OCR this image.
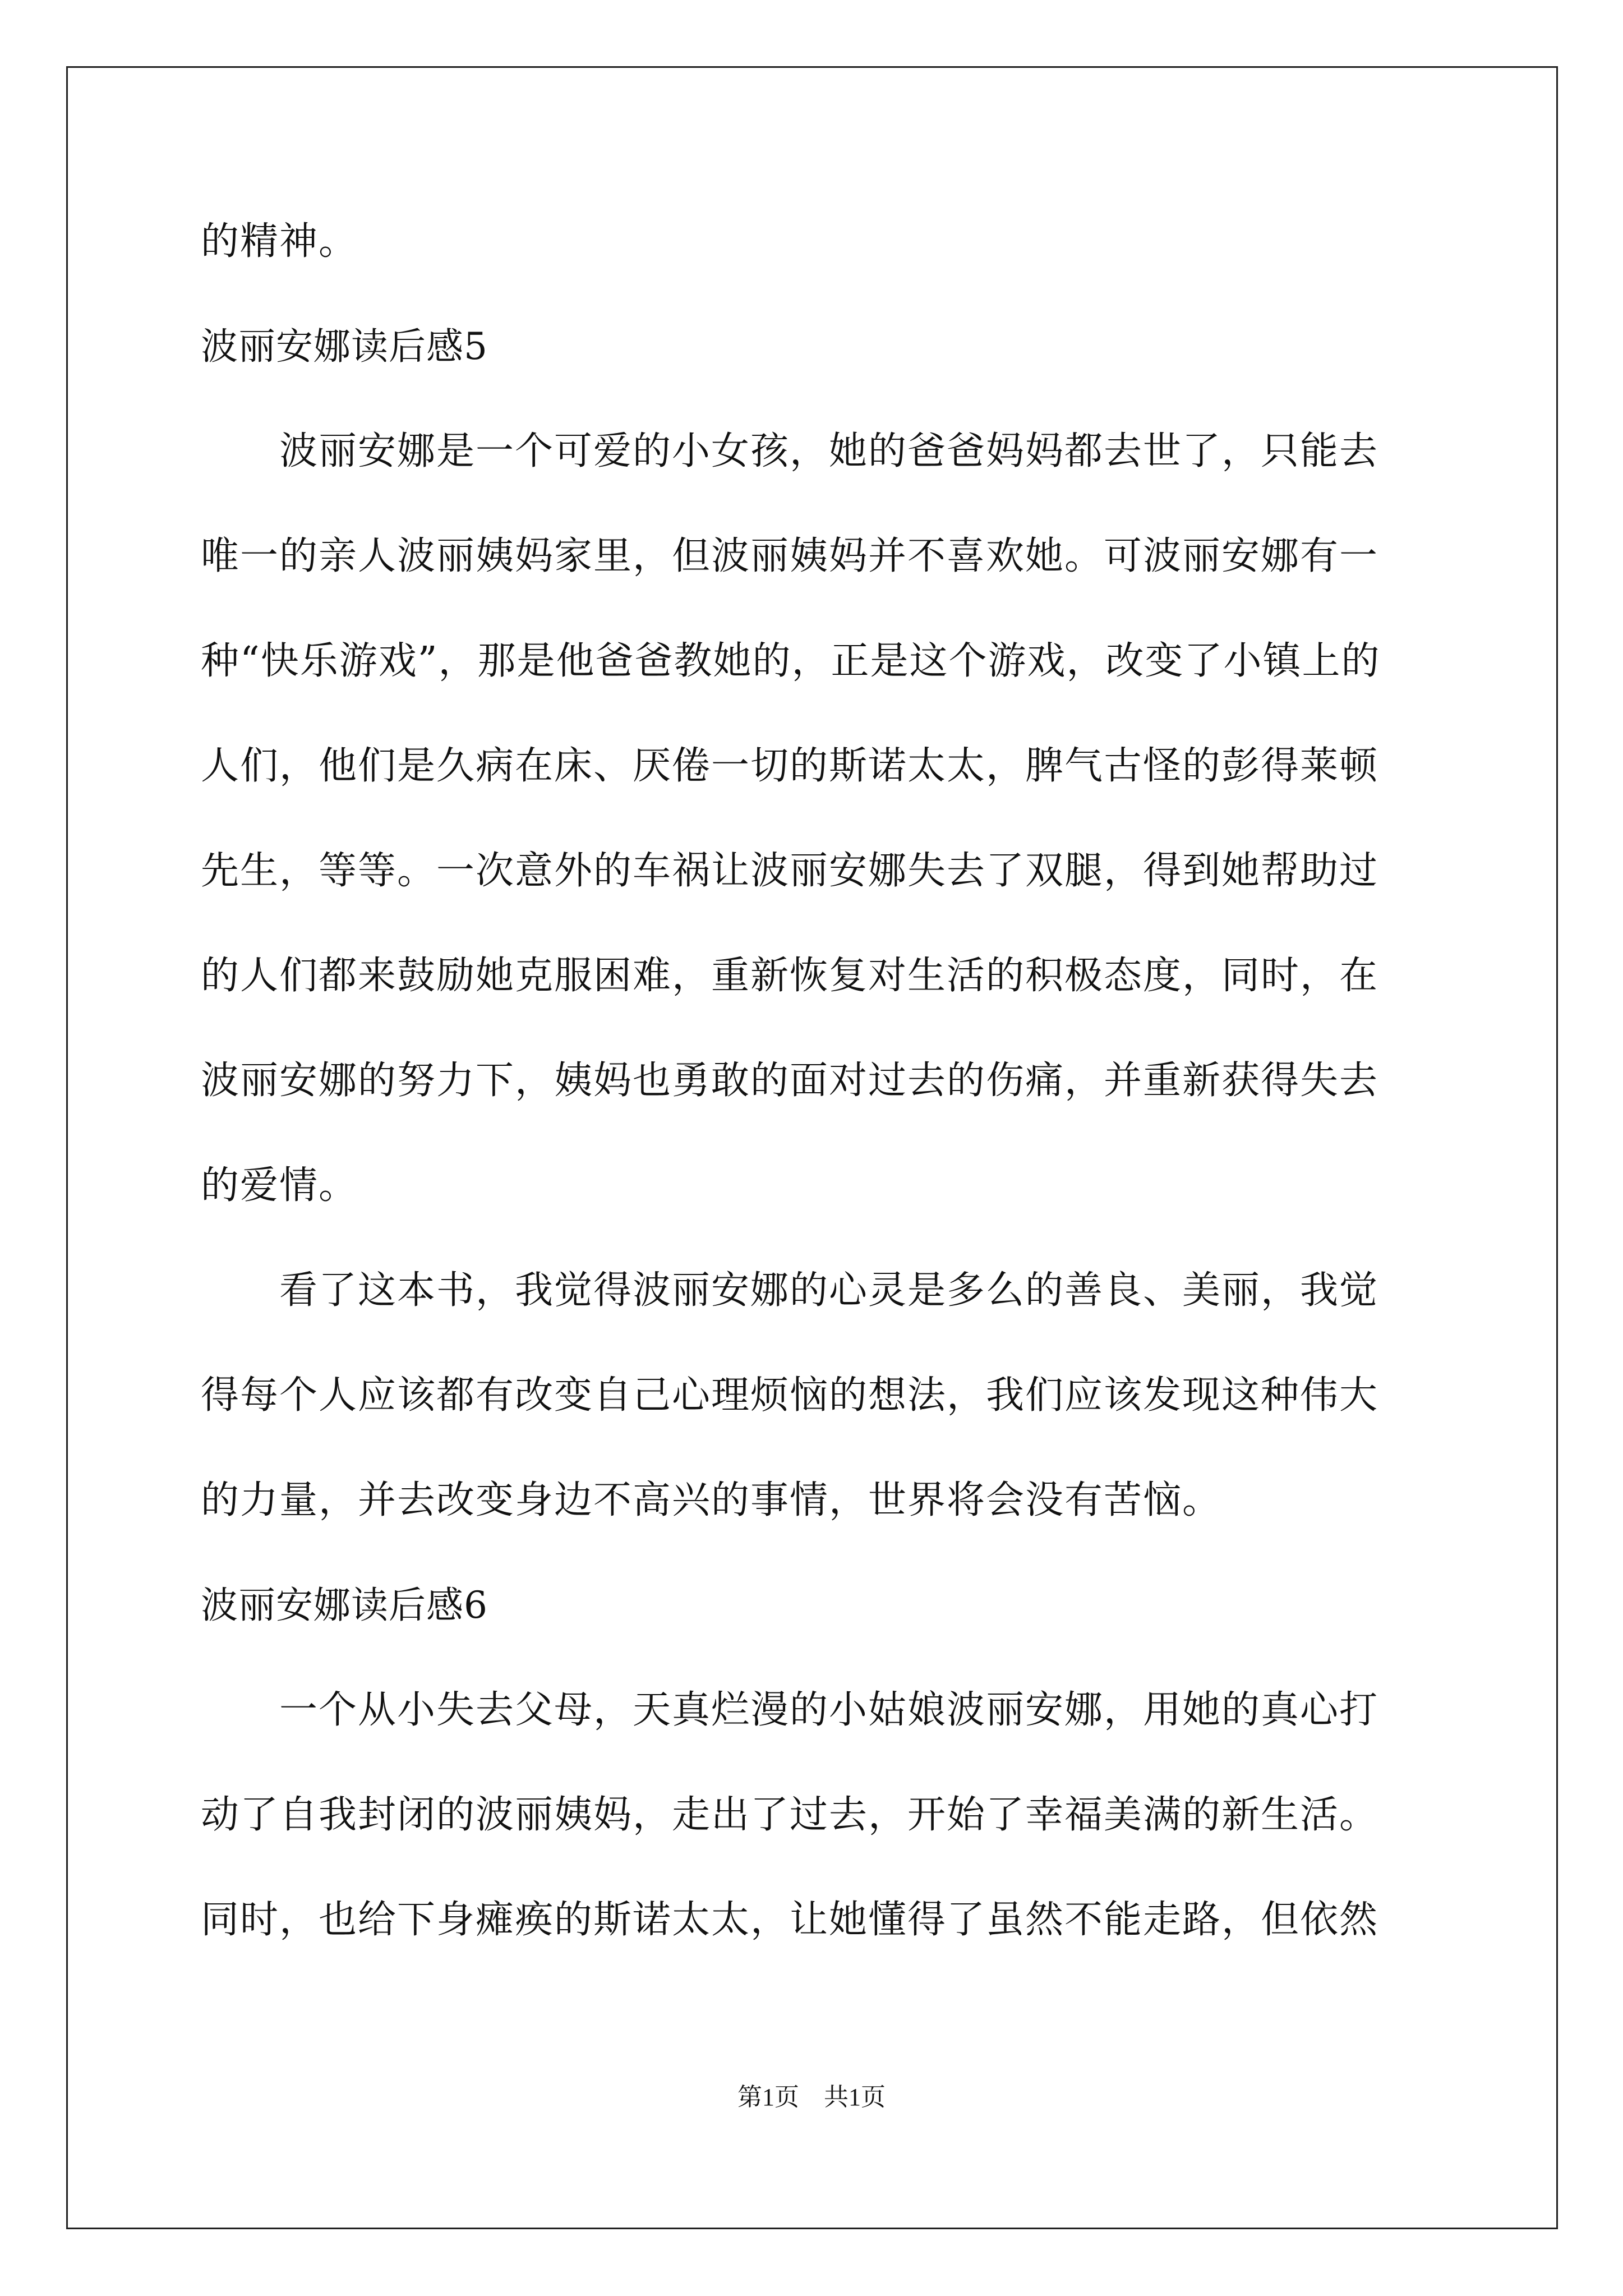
的精神。
波丽安娜读后感5
　　波丽安娜是一个可爱的小女孩，她的爸爸妈妈都去世了，只能去
唯一的亲人波丽姨妈家里，但波丽姨妈并不喜欢她。可波丽安娜有一
种“快乐游戏”，那是他爸爸教她的，正是这个游戏，改变了小镇上的
人们，他们是久病在床、厌倦一切的斯诺太太，脾气古怪的彭得莱顿
先生，等等。一次意外的车祸让波丽安娜失去了双腿，得到她帮助过
的人们都来鼓励她克服困难，重新恢复对生活的积极态度，同时，在
波丽安娜的努力下，姨妈也勇敢的面对过去的伤痛，并重新获得失去
的爱情。
　　看了这本书，我觉得波丽安娜的心灵是多么的善良、美丽，我觉
得每个人应该都有改变自己心理烦恼的想法，我们应该发现这种伟大
的力量，并去改变身边不高兴的事情，世界将会没有苦恼。
波丽安娜读后感6
　　一个从小失去父母，天真烂漫的小姑娘波丽安娜，用她的真心打
动了自我封闭的波丽姨妈，走出了过去，开始了幸福美满的新生活。
同时，也给下身瘫痪的斯诺太太，让她懂得了虽然不能走路，但依然
第1页　共1页
